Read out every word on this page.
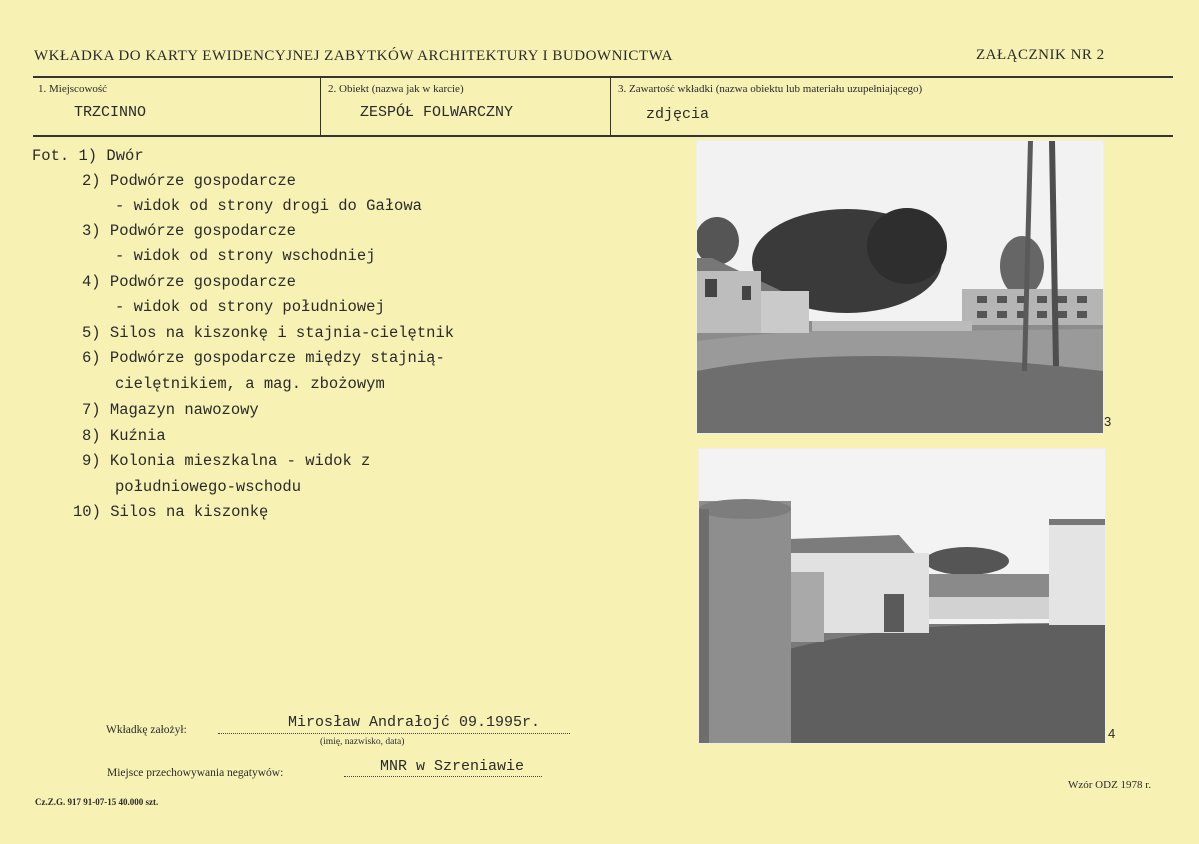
WKŁADKA DO KARTY EWIDENCYJNEJ ZABYTKÓW ARCHITEKTURY I BUDOWNICTWA	ZAŁĄCZNIK NR 2
1. Miejscowość
TRZCINNO
2. Obiekt (nazwa jak w karcie)
ZESPÓŁ FOLWARCZNY
3. Zawartość wkładki (nazwa obiektu lub materiału uzupełniającego)
zdjęcia
Fot. 1) Dwór
2) Podwórze gospodarcze
- widok od strony drogi do Gałowa
3) Podwórze gospodarcze
- widok od strony wschodniej
4) Podwórze gospodarcze
- widok od strony południowej
5) Silos na kiszonkę i stajnia-cielętnik
6) Podwórze gospodarcze między stajnią-
cielętnikiem, a mag. zbożowym
7) Magazyn nawozowy
8) Kuźnia
9) Kolonia mieszkalna - widok z
południowego-wschodu
10) Silos na kiszonkę
3
4
Wkładkę założył:	Mirosław Andrałojć 09.1995r.
(imię, nazwisko, data)
Miejsce przechowywania negatywów:	MNR w Szreniawie
Cz.Z.G. 917 91-07-15 40.000 szt.
Wzór ODZ 1978 r.
